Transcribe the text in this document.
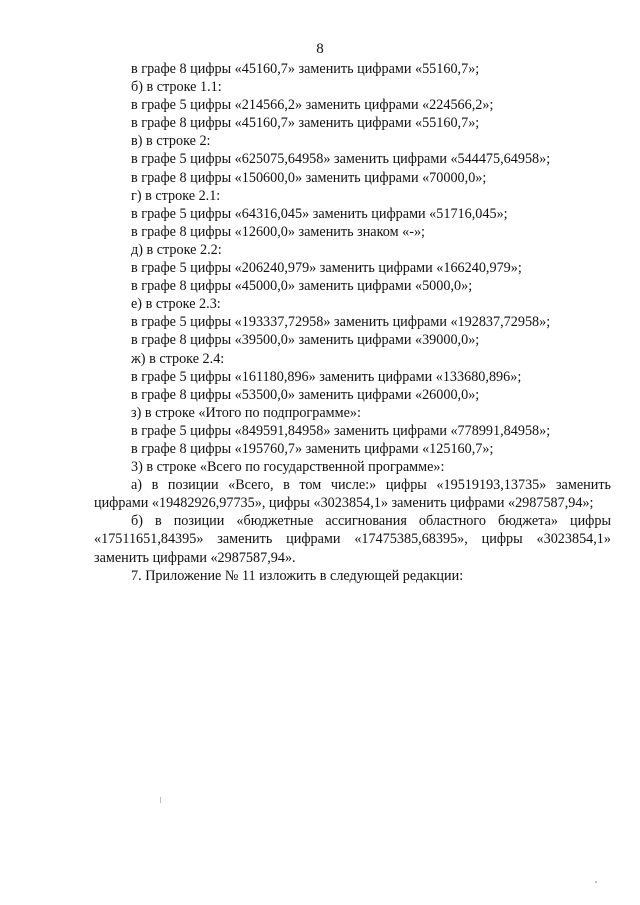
8
в графе 8 цифры «45160,7» заменить цифрами «55160,7»;
б) в строке 1.1:
в графе 5 цифры «214566,2» заменить цифрами «224566,2»;
в графе 8 цифры «45160,7» заменить цифрами «55160,7»;
в) в строке 2:
в графе 5 цифры «625075,64958» заменить цифрами «544475,64958»;
в графе 8 цифры «150600,0» заменить цифрами «70000,0»;
г) в строке 2.1:
в графе 5 цифры «64316,045» заменить цифрами «51716,045»;
в графе 8 цифры «12600,0» заменить знаком «-»;
д) в строке 2.2:
в графе 5 цифры «206240,979» заменить цифрами «166240,979»;
в графе 8 цифры «45000,0» заменить цифрами «5000,0»;
е) в строке 2.3:
в графе 5 цифры «193337,72958» заменить цифрами «192837,72958»;
в графе 8 цифры «39500,0» заменить цифрами «39000,0»;
ж) в строке 2.4:
в графе 5 цифры «161180,896» заменить цифрами «133680,896»;
в графе 8 цифры «53500,0» заменить цифрами «26000,0»;
з) в строке «Итого по подпрограмме»:
в графе 5 цифры «849591,84958» заменить цифрами «778991,84958»;
в графе 8 цифры «195760,7» заменить цифрами «125160,7»;
3) в строке «Всего по государственной программе»:

а) в позиции «Всего, в том числе:» цифры «19519193,13735» заменить цифрами «19482926,97735», цифры «3023854,1» заменить цифрами «2987587,94»;

б) в позиции «бюджетные ассигнования областного бюджета» цифры «17511651,84395» заменить цифрами «17475385,68395», цифры «3023854,1» заменить цифрами «2987587,94».

7. Приложение № 11 изложить в следующей редакции:
